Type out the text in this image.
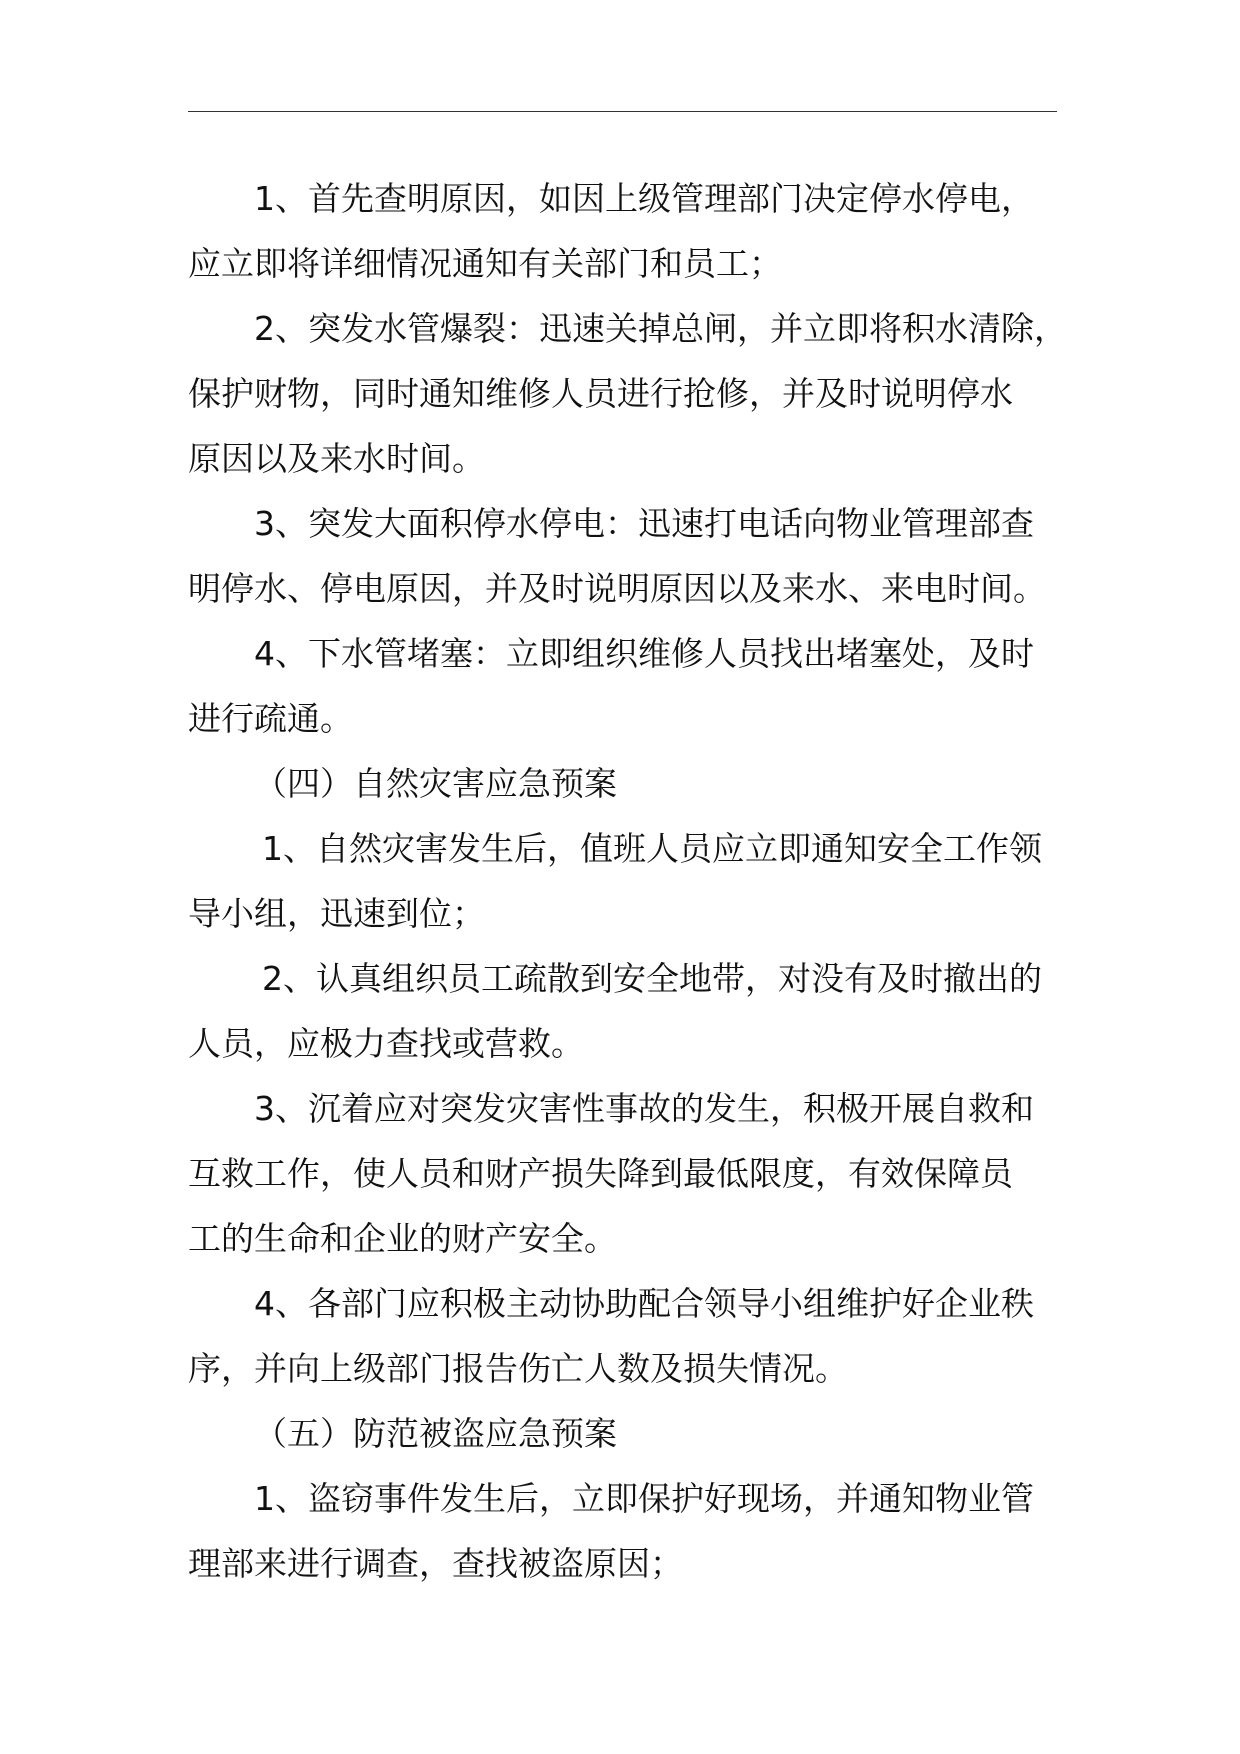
1、首先查明原因，如因上级管理部门决定停水停电，
应立即将详细情况通知有关部门和员工；

2、突发水管爆裂：迅速关掉总闸，并立即将积水清除，
保护财物，同时通知维修人员进行抢修，并及时说明停水
原因以及来水时间。

3、突发大面积停水停电：迅速打电话向物业管理部查
明停水、停电原因，并及时说明原因以及来水、来电时间。

4、下水管堵塞：立即组织维修人员找出堵塞处，及时
进行疏通。

（四）自然灾害应急预案

1、自然灾害发生后，值班人员应立即通知安全工作领
导小组，迅速到位；

2、认真组织员工疏散到安全地带，对没有及时撤出的
人员，应极力查找或营救。

3、沉着应对突发灾害性事故的发生，积极开展自救和
互救工作，使人员和财产损失降到最低限度，有效保障员
工的生命和企业的财产安全。

4、各部门应积极主动协助配合领导小组维护好企业秩
序，并向上级部门报告伤亡人数及损失情况。

（五）防范被盗应急预案

1、盗窃事件发生后，立即保护好现场，并通知物业管
理部来进行调查，查找被盗原因；
